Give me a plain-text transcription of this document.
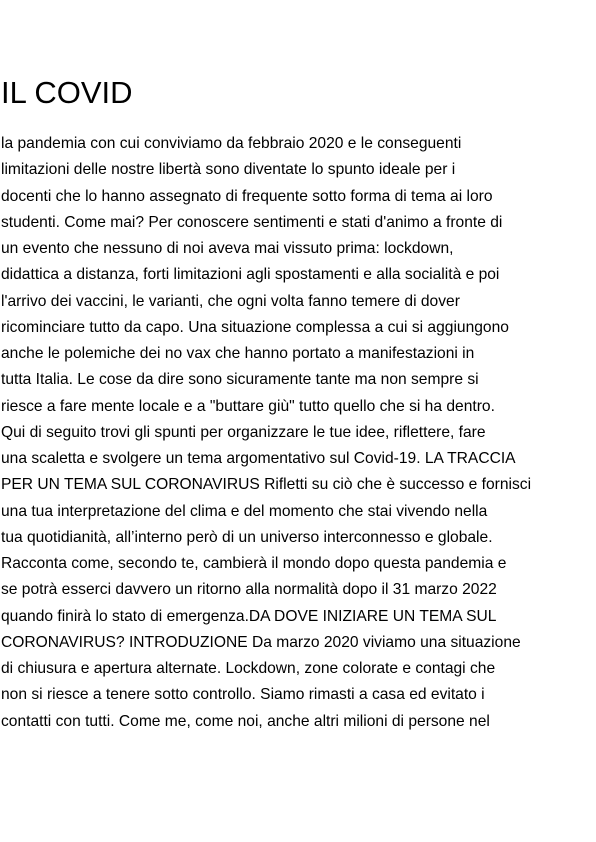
IL COVID
la pandemia con cui conviviamo da febbraio 2020 e le conseguenti
limitazioni delle nostre libertà sono diventate lo spunto ideale per i
docenti che lo hanno assegnato di frequente sotto forma di tema ai loro
studenti. Come mai? Per conoscere sentimenti e stati d'animo a fronte di
un evento che nessuno di noi aveva mai vissuto prima: lockdown,
didattica a distanza, forti limitazioni agli spostamenti e alla socialità e poi
l'arrivo dei vaccini, le varianti, che ogni volta fanno temere di dover
ricominciare tutto da capo. Una situazione complessa a cui si aggiungono
anche le polemiche dei no vax che hanno portato a manifestazioni in
tutta Italia. Le cose da dire sono sicuramente tante ma non sempre si
riesce a fare mente locale e a "buttare giù" tutto quello che si ha dentro.
Qui di seguito trovi gli spunti per organizzare le tue idee, riflettere, fare
una scaletta e svolgere un tema argomentativo sul Covid-19. LA TRACCIA
PER UN TEMA SUL CORONAVIRUS Rifletti su ciò che è successo e fornisci
una tua interpretazione del clima e del momento che stai vivendo nella
tua quotidianità, all’interno però di un universo interconnesso e globale.
Racconta come, secondo te, cambierà il mondo dopo questa pandemia e
se potrà esserci davvero un ritorno alla normalità dopo il 31 marzo 2022
quando finirà lo stato di emergenza.DA DOVE INIZIARE UN TEMA SUL
CORONAVIRUS? INTRODUZIONE Da marzo 2020 viviamo una situazione
di chiusura e apertura alternate. Lockdown, zone colorate e contagi che
non si riesce a tenere sotto controllo. Siamo rimasti a casa ed evitato i
contatti con tutti. Come me, come noi, anche altri milioni di persone nel
